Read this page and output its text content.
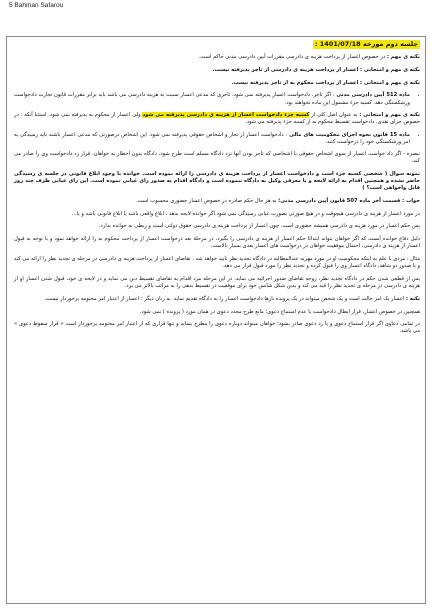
5 Bahman Safarou
جلسه دوم مورخه 1401/07/18 :

نکته ی مهم : در خصوص اعسار از پرداخت هزینه ی دادرسی مقررات آیین دادرسی مدنی حاکم است.

نکته ی مهم و امتحانی : اعسار از پرداخت هزینه ی دادرسی از تاجر پذیرفته نیست.

نکته ی مهم و امتحانی : اعسار از پرداخت محکوم به از تاجر پذیرفته نیست.

• ماده 512 آیین دادرسی مدنی : اگر تاجر، دادخواست اعسار پذیرفته نمی شود. تاجری که مدعی اعسار نسبت به هزینه دادرسی می باشد باید برابر مقررات قانون تجارت دادخواست ورشکستگی دهد. کسبه جزء مشمول این ماده نخواهند بود.

نکته ی مهم و امتحانی : به عنوان اصل کلی از کسبه جزء دادخواست اعسار از هزینه ی دادرسی پذیرفته می شود ولی اعسار از محکوم به پذیرفته نمی شود. استثنا آنکه : در خصوص جزای نقدی، دادخواست تقسیط محکوم به از کسبه جزء پذیرفته می شود.

• ماده 15 قانون نحوه اجرای محکومیت های مالی : دادخواست اعسار از تجار و اشخاص حقوقی پذیرفته نمی شود. این اشخاص درصورتی که مدعی اعسار باشند باید رسیدگی به امر ورشکستگی خود را درخواست کنند.

تبصره - اگر داد خواست اعسار از سوی اشخاص حقوقی یا اشخاصی که تاجر بودن آنها نزد دادگاه مسلم است طرح شود، دادگاه بدون اخطار به خواهان، قرار رد دادخواست وی را صادر می کند.

نمونه سوال ( شخصی کسبه جزء است و دادخواست اعسار از پرداخت هزینه ی دادرسی را ارائه نموده است. خوانده با وجود ابلاغ قانونی در جلسه ی رسیدگی حاضر نشده و همچنین اقدام به ارائه لایحه و یا معرفی وکیل به دادگاه ننموده است و دادگاه اقدام به صدور رای غیابی نموده است. این رای غیابی ظرف چند روز قابل واخواهی است؟ )

جواب : قسمت آخر ماده 507 قانون آیین دادرسی مدنی؛ به هر حال حکم صادره در خصوص اعسار حضوری محسوب است.

در مورد اعسار از هزینه ی دادرسی هیچوقت و در هیچ صورتی بصورت غیابی رسیدگی نمی شود.اگر خوانده لایحه بدهد ، ابلاغ واقعی باشد یا ابلاغ قانونی باشد و یا...

پس حکم اعسار در مورد هزینه ی دادرسی همیشه حضوری است. چون اعسار از پرداخت هزینه ی دادرسی حقوق دولتی است و ربطی به خوانده ندارد.

دلیل دفاع خوانده آنست که اگر خواهان بتواند ابتدائا حکم اعسار از هزینه ی دادرسی را بگیرد، در مرحلهٔ بعد درخواست اعسار از پرداخت محکوم به را ارائه خواهد نمود و با توجه به قبول اعسار از هزینه ی دادرسی، احتمال موفقیت خواهان در درخواست های اعسار بعدی بسیار بالاست.

مثال : مردی با علم به اینکه محکومیت او در مورد مهریه عندالمطالبه در دادگاه تجدید نظر تایید خواهد شد ، تقاضای اعسار از پرداخت هزینه ی دادرسی در مرحله ی تجدید نظر را ارائه می کند و با صدور دو شاهد، دادگاه اعسار وی را قبول کرده و تجدید نظر را مورد قبول قرار می دهد.

پس از قطعی شدن حکم در دادگاه تجدید نظر، زوجه تقاضای صدور اجرائیه می نماید. در این مرحله مرد اقدام به تقاضای تقسیط دین می نماید و در لایحه ی خود، قبول شدن اعسار او از هزینه ی دادرسی در مرحله ی تجدید نظر را قید می کند و بدین شکل شانس خود برای موفقیت در تقسیط بدهی را به مراتب بالاتر می برد.

نکته : اعسار یک امر حالت است و یک شخص میتواند در یک پرونده بارها دادخواست اعسار را به دادگاه تقدیم نماید. به زبان دیگر ؛ اعسار از اعتبار امر مختومه برخوردار نیست.

همچنین در خصوص اعسار، قرار ابطال دادخواست یا عدم استماع دعوی؛ مانع طرح مجدد دعوی در همان مورد ( پرونده ) نمی شود.

در تمامی دعاوی اگر قرار استماع دعوی و یا رد دعوی صادر بشود؛ خواهان میتواند دوباره دعوی را مطرح بنماید و تنها قراری که از اعتبار امر مختومه برخوردار است « قرار سقوط دعوی » می باشد.
